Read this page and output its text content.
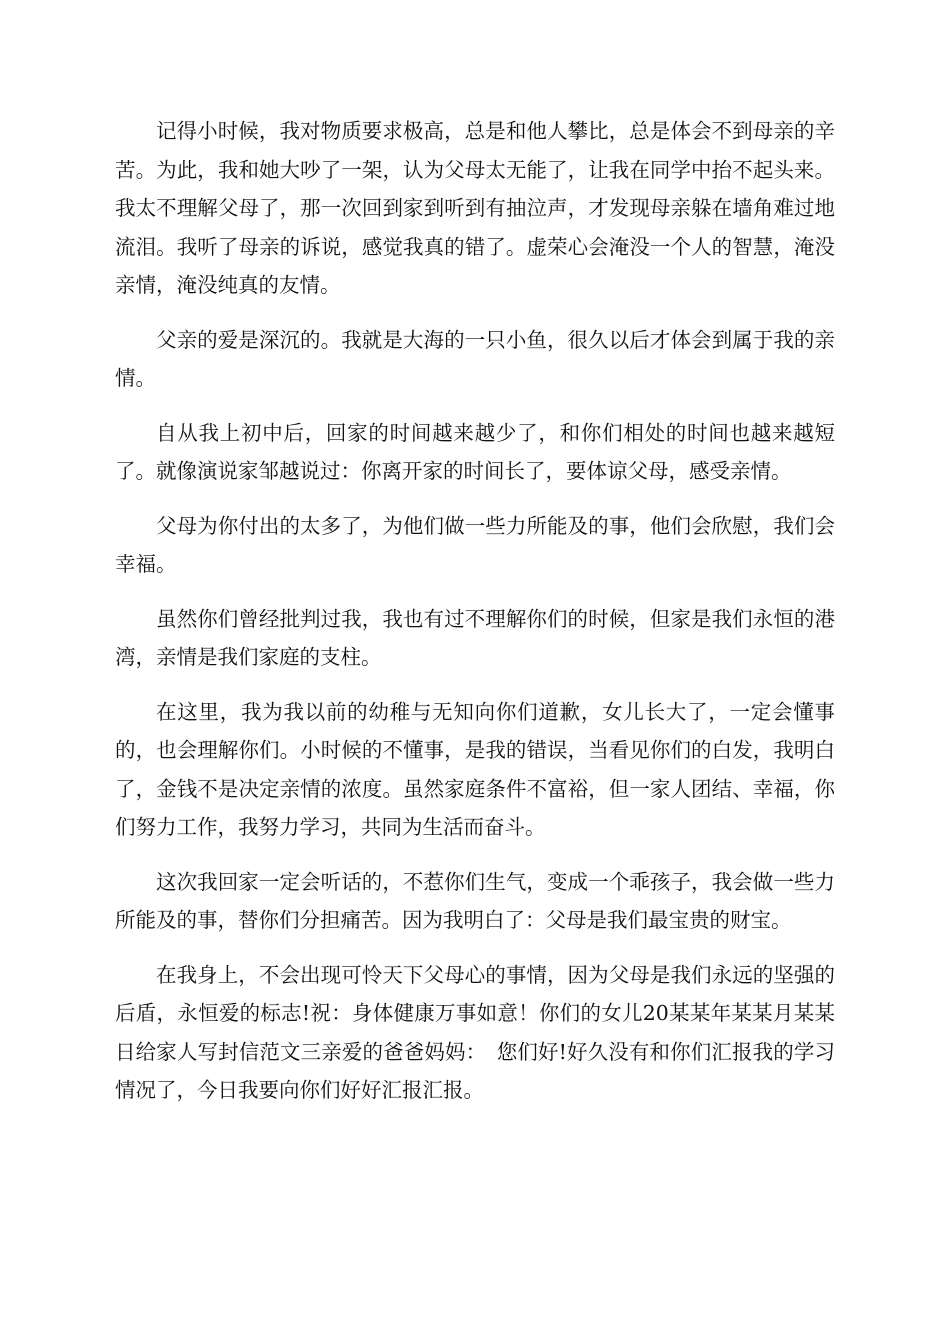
记得小时候，我对物质要求极高，总是和他人攀比，总是体会不到母亲的辛苦。为此，我和她大吵了一架，认为父母太无能了，让我在同学中抬不起头来。我太不理解父母了，那一次回到家到听到有抽泣声，才发现母亲躲在墙角难过地流泪。我听了母亲的诉说，感觉我真的错了。虚荣心会淹没一个人的智慧，淹没亲情，淹没纯真的友情。

父亲的爱是深沉的。我就是大海的一只小鱼，很久以后才体会到属于我的亲情。

自从我上初中后，回家的时间越来越少了，和你们相处的时间也越来越短了。就像演说家邹越说过：你离开家的时间长了，要体谅父母，感受亲情。

父母为你付出的太多了，为他们做一些力所能及的事，他们会欣慰，我们会幸福。

虽然你们曾经批判过我，我也有过不理解你们的时候，但家是我们永恒的港湾，亲情是我们家庭的支柱。

在这里，我为我以前的幼稚与无知向你们道歉，女儿长大了，一定会懂事的，也会理解你们。小时候的不懂事，是我的错误，当看见你们的白发，我明白了，金钱不是决定亲情的浓度。虽然家庭条件不富裕，但一家人团结、幸福，你们努力工作，我努力学习，共同为生活而奋斗。

这次我回家一定会听话的，不惹你们生气，变成一个乖孩子，我会做一些力所能及的事，替你们分担痛苦。因为我明白了：父母是我们最宝贵的财宝。

在我身上，不会出现可怜天下父母心的事情，因为父母是我们永远的坚强的后盾，永恒爱的标志!祝：身体健康万事如意！你们的女儿20某某年某某月某某日给家人写封信范文三亲爱的爸爸妈妈：　您们好!好久没有和你们汇报我的学习情况了，今日我要向你们好好汇报汇报。
